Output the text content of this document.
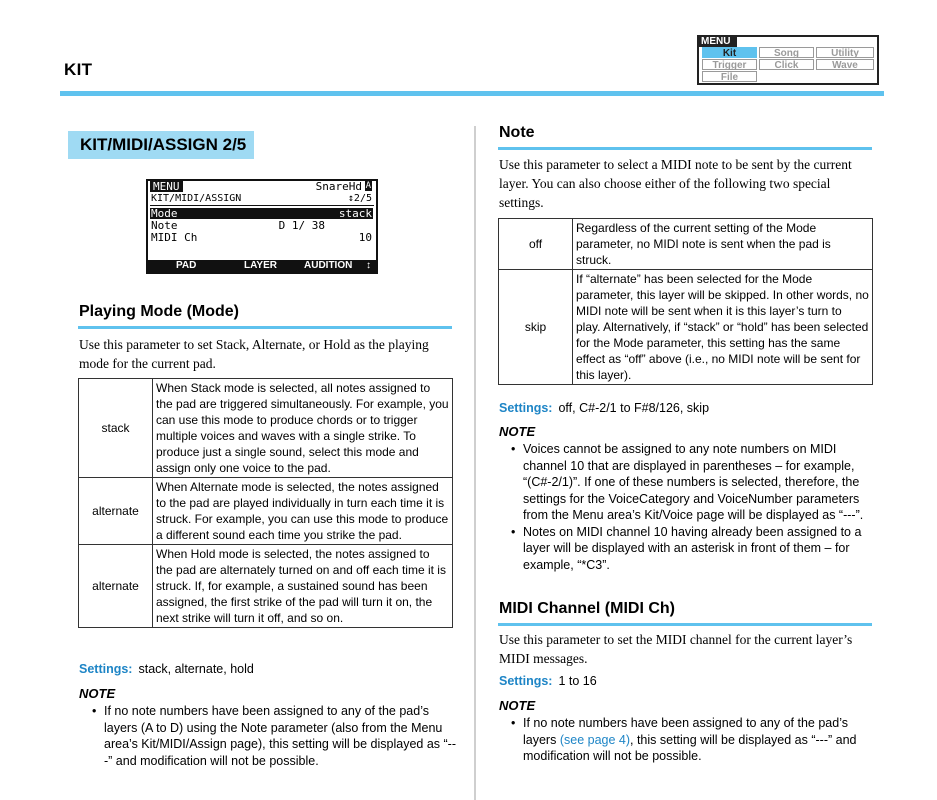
KIT
MENU
Kit	Song	Utility
Trigger	Click	Wave
File
KIT/MIDI/ASSIGN 2/5
MENU	SnareHd A
KIT/MIDI/ASSIGN	↕2/5
Mode	stack
Note	D 1/ 38
MIDI Ch	10
PAD	LAYER	AUDITION ↕
Playing Mode (Mode)
Use this parameter to set Stack, Alternate, or Hold as the playing mode for the current pad.
stack	When Stack mode is selected, all notes assigned to the pad are triggered simultaneously. For example, you can use this mode to produce chords or to trigger multiple voices and waves with a single strike. To produce just a single sound, select this mode and assign only one voice to the pad.
alternate	When Alternate mode is selected, the notes assigned to the pad are played individually in turn each time it is struck. For example, you can use this mode to produce a different sound each time you strike the pad.
alternate	When Hold mode is selected, the notes assigned to the pad are alternately turned on and off each time it is struck. If, for example, a sustained sound has been assigned, the first strike of the pad will turn it on, the next strike will turn it off, and so on.
Settings: stack, alternate, hold
NOTE
• If no note numbers have been assigned to any of the pad’s layers (A to D) using the Note parameter (also from the Menu area’s Kit/MIDI/Assign page), this setting will be displayed as “---” and modification will not be possible.
Note
Use this parameter to select a MIDI note to be sent by the current layer. You can also choose either of the following two special settings.
off	Regardless of the current setting of the Mode parameter, no MIDI note is sent when the pad is struck.
skip	If “alternate” has been selected for the Mode parameter, this layer will be skipped. In other words, no MIDI note will be sent when it is this layer’s turn to play. Alternatively, if “stack” or “hold” has been selected for the Mode parameter, this setting has the same effect as “off” above (i.e., no MIDI note will be sent for this layer).
Settings: off, C#-2/1 to F#8/126, skip
NOTE
• Voices cannot be assigned to any note numbers on MIDI channel 10 that are displayed in parentheses – for example, “(C#-2/1)”. If one of these numbers is selected, therefore, the settings for the VoiceCategory and VoiceNumber parameters from the Menu area’s Kit/Voice page will be displayed as “---”.
• Notes on MIDI channel 10 having already been assigned to a layer will be displayed with an asterisk in front of them – for example, “*C3”.
MIDI Channel (MIDI Ch)
Use this parameter to set the MIDI channel for the current layer’s MIDI messages.
Settings: 1 to 16
NOTE
• If no note numbers have been assigned to any of the pad’s layers (see page 4), this setting will be displayed as “---” and modification will not be possible.
